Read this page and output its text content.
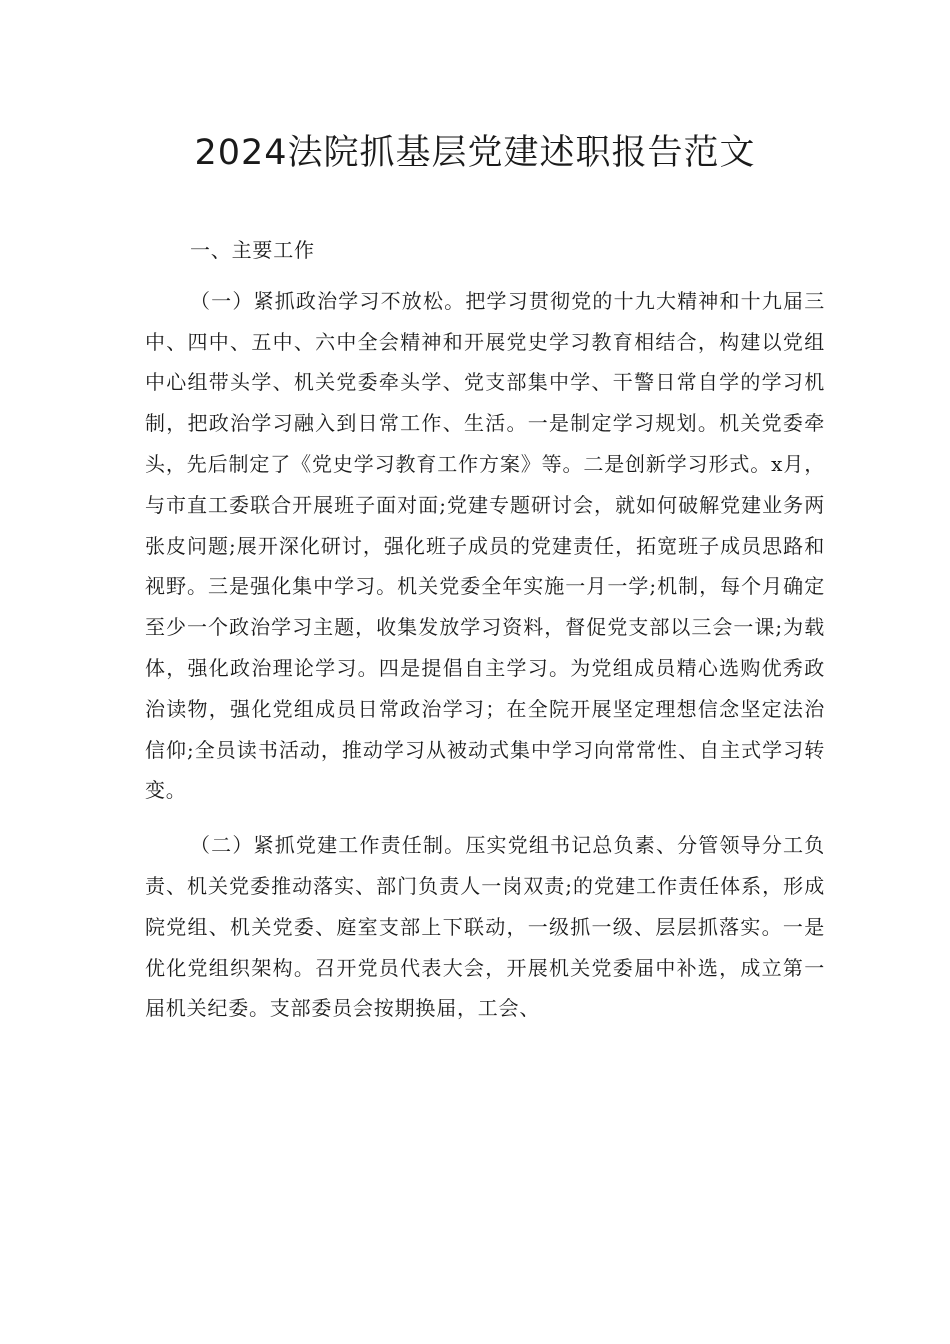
2024法院抓基层党建述职报告范文

一、主要工作

（一）紧抓政治学习不放松。把学习贯彻党的十九大精神和十九届三中、四中、五中、六中全会精神和开展党史学习教育相结合，构建以党组中心组带头学、机关党委牵头学、党支部集中学、干警日常自学的学习机制，把政治学习融入到日常工作、生活。一是制定学习规划。机关党委牵头，先后制定了《党史学习教育工作方案》等。二是创新学习形式。x月，与市直工委联合开展班子面对面;党建专题研讨会，就如何破解党建业务两张皮问题;展开深化研讨，强化班子成员的党建责任，拓宽班子成员思路和视野。三是强化集中学习。机关党委全年实施一月一学;机制，每个月确定至少一个政治学习主题，收集发放学习资料，督促党支部以三会一课;为载体，强化政治理论学习。四是提倡自主学习。为党组成员精心选购优秀政治读物，强化党组成员日常政治学习；在全院开展坚定理想信念坚定法治信仰;全员读书活动，推动学习从被动式集中学习向常常性、自主式学习转变。

（二）紧抓党建工作责任制。压实党组书记总负素、分管领导分工负责、机关党委推动落实、部门负责人一岗双责;的党建工作责任体系，形成院党组、机关党委、庭室支部上下联动，一级抓一级、层层抓落实。一是优化党组织架构。召开党员代表大会，开展机关党委届中补选，成立第一届机关纪委。支部委员会按期换届，工会、
